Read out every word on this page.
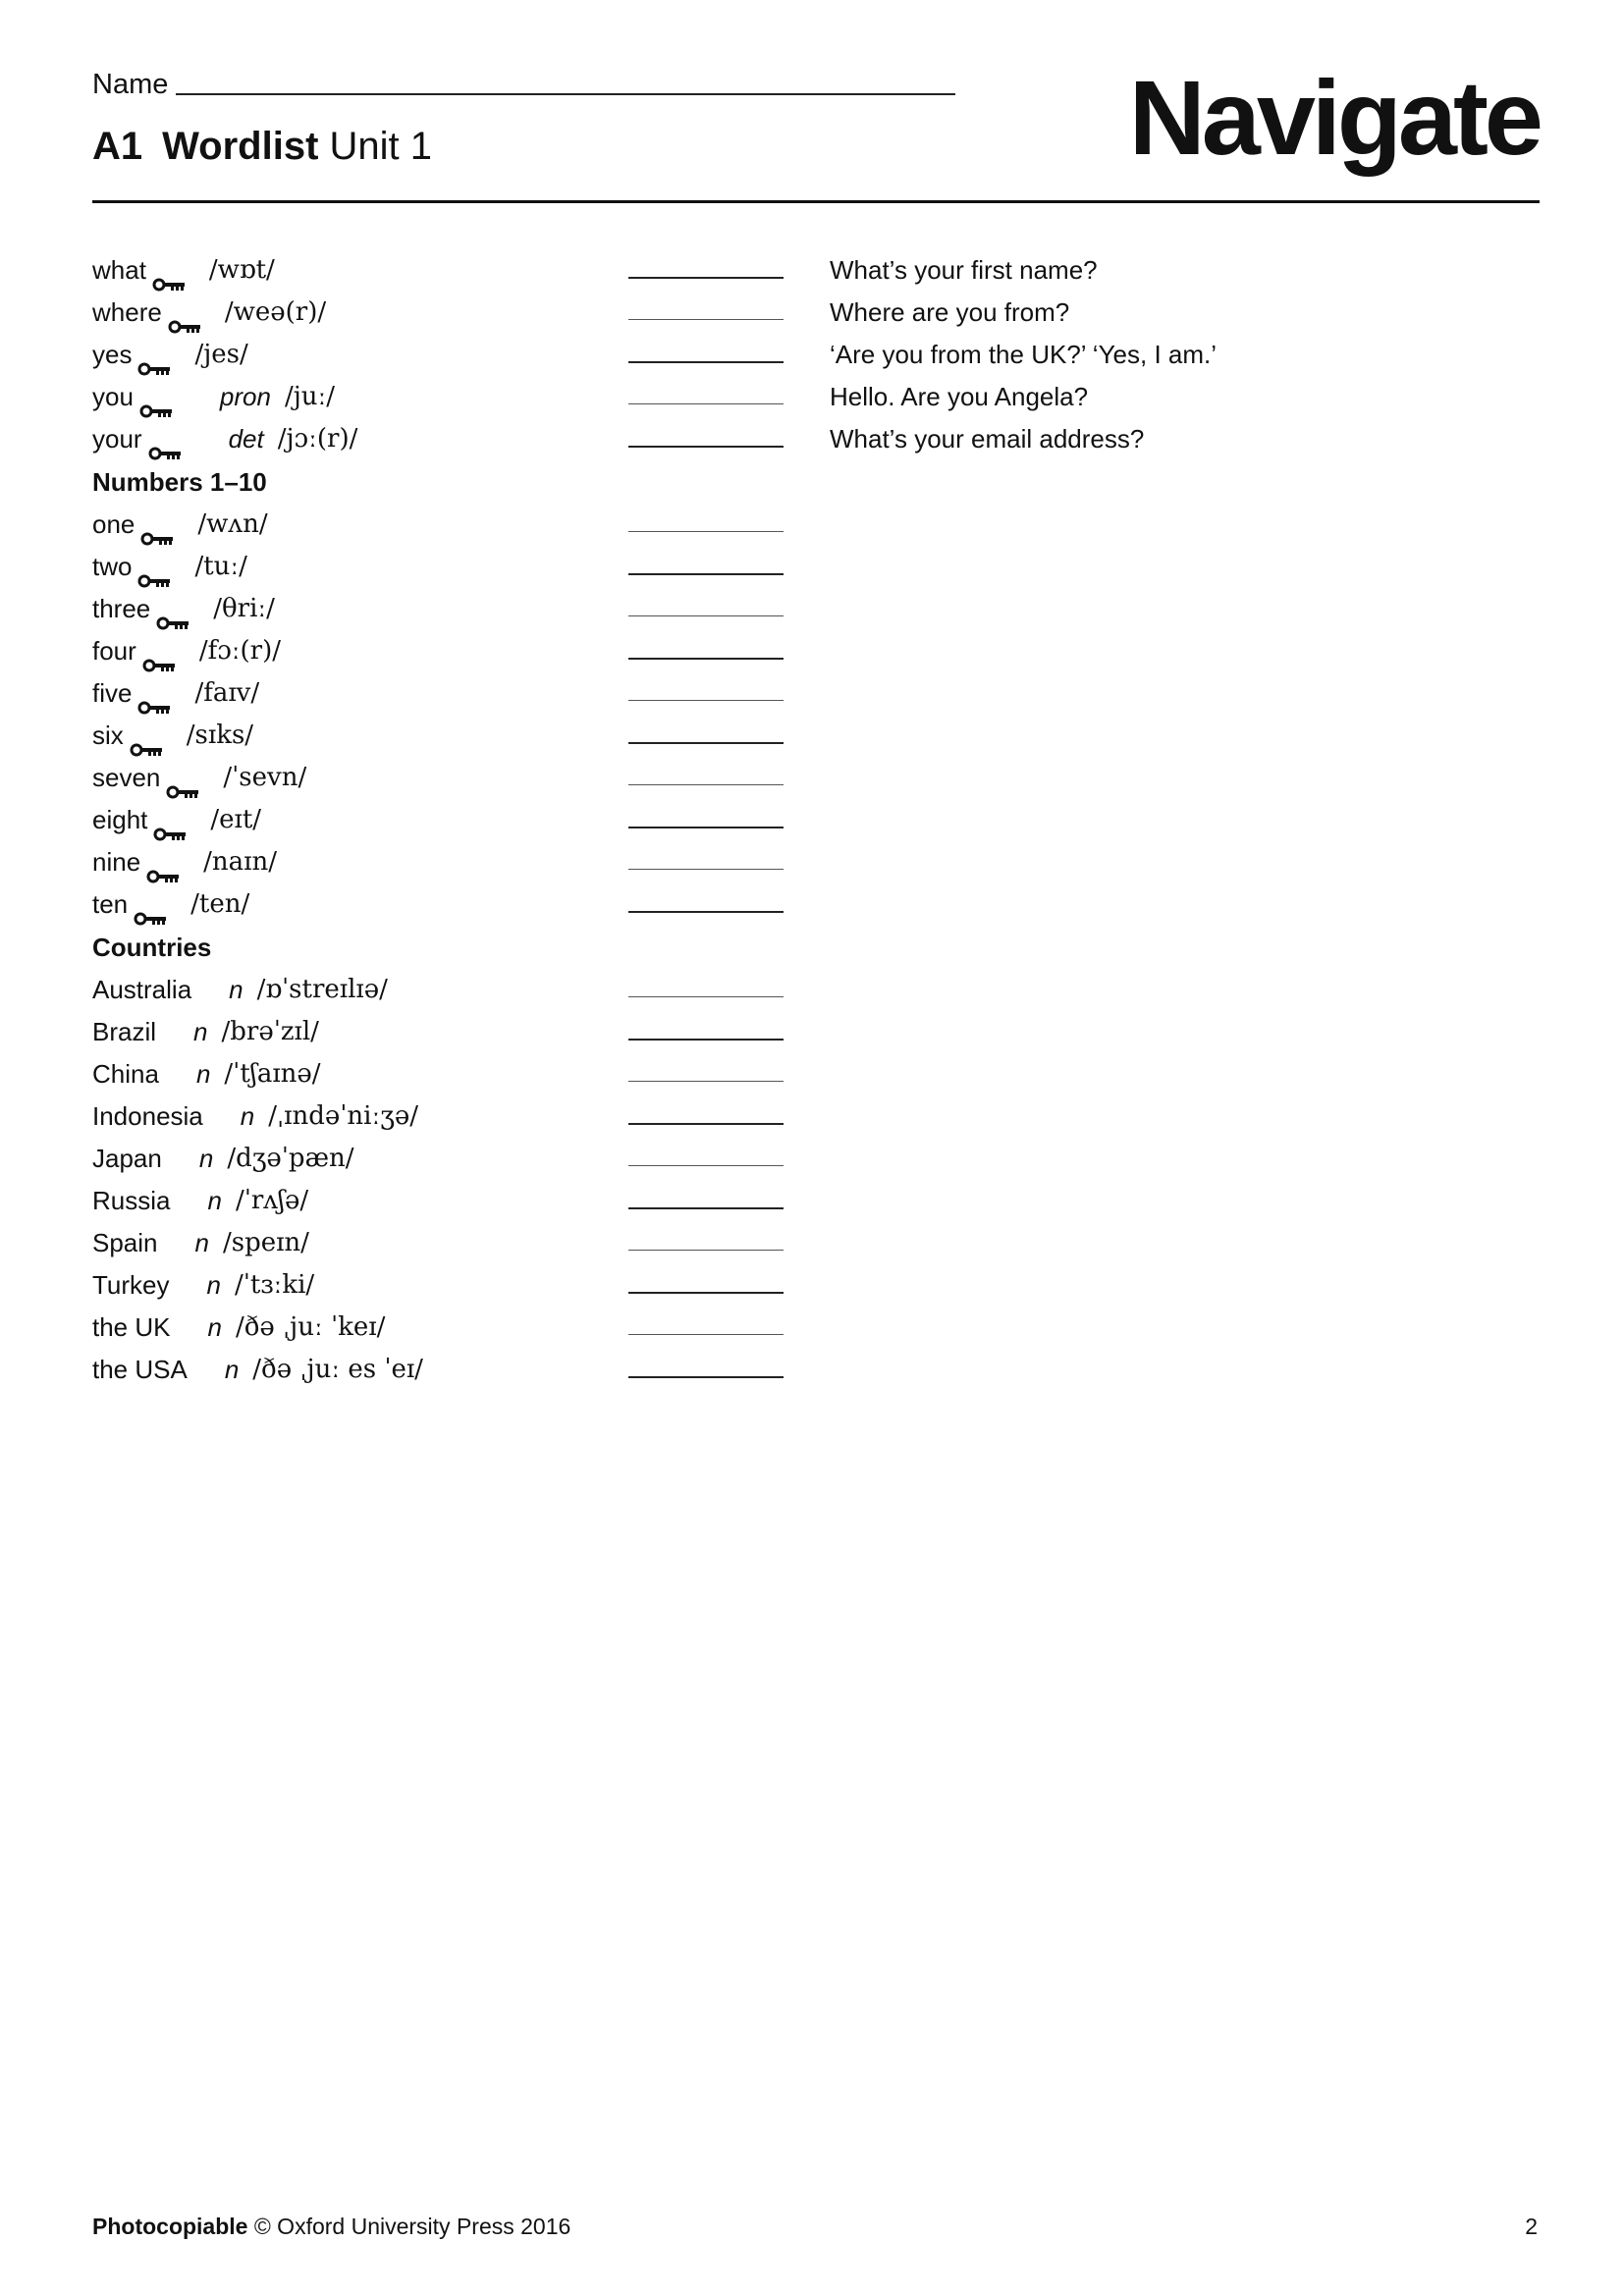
Name
A1 Wordlist Unit 1	Navigate
what /wɒt/	What’s your first name?
where /weə(r)/	Where are you from?
yes /jes/	‘Are you from the UK?’ ‘Yes, I am.’
you	pron /juː/	Hello. Are you Angela?
your	det /jɔː(r)/	What’s your email address?
Numbers 1–10
one /wʌn/
two /tuː/
three /θriː/
four /fɔː(r)/
five /faɪv/
six /sɪks/
seven /ˈsevn/
eight /eɪt/
nine /naɪn/
ten /ten/
Countries
Australia n /ɒˈstreɪlɪə/
Brazil n /brəˈzɪl/
China n /ˈtʃaɪnə/
Indonesia n /ˌɪndəˈniːʒə/
Japan n /dʒəˈpæn/
Russia n /ˈrʌʃə/
Spain n /speɪn/
Turkey n /ˈtɜːki/
the UK n /ðə ˌjuː ˈkeɪ/
the USA n /ðə ˌjuː es ˈeɪ/
Photocopiable © Oxford University Press 2016	2
